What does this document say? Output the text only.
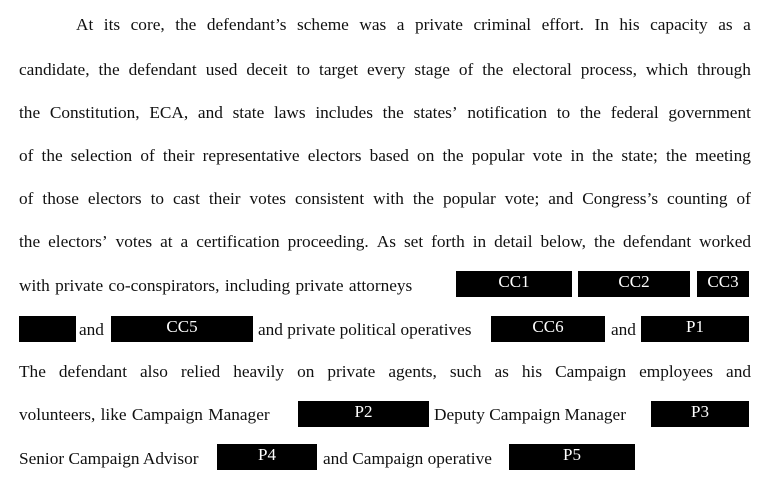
At its core, the defendant’s scheme was a private criminal effort. In his capacity as a
candidate, the defendant used deceit to target every stage of the electoral process, which through
the Constitution, ECA, and state laws includes the states’ notification to the federal government
of the selection of their representative electors based on the popular vote in the state; the meeting
of those electors to cast their votes consistent with the popular vote; and Congress’s counting of
the electors’ votes at a certification proceeding. As set forth in detail below, the defendant worked
with private co-conspirators, including private attorneys	CC1	CC2	CC3
and	and private political operatives	and
CC5	CC6	P1
The defendant also relied heavily on private agents, such as his Campaign employees and
volunteers, like Campaign Manager	Deputy Campaign Manager
P2	P3
Senior Campaign Advisor	and Campaign operative
P4	P5
